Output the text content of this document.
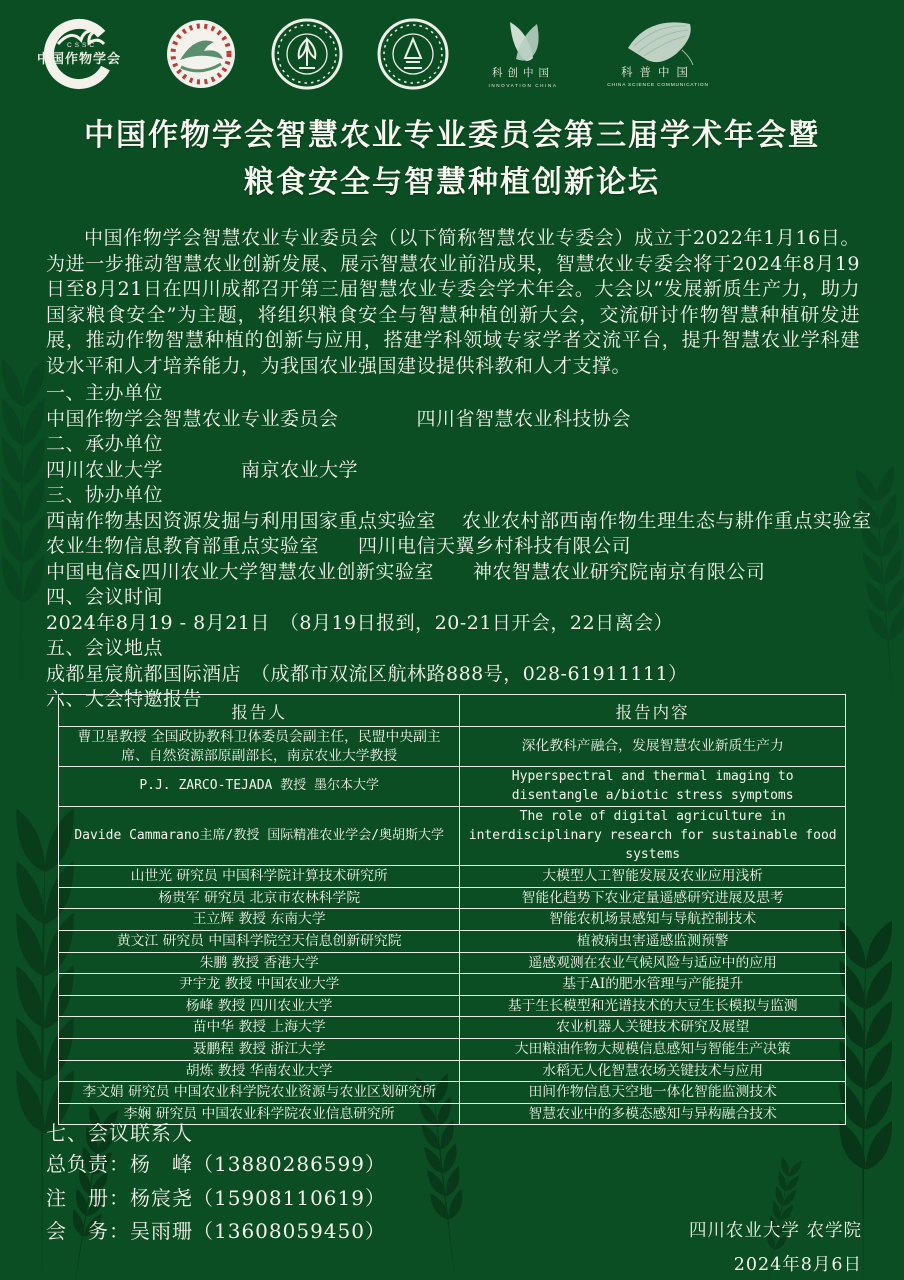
CSSC
中国作物学会
科创中国
INNOVATION CHINA
科普中国
CHINA SCIENCE COMMUNICATION
中国作物学会智慧农业专业委员会第三届学术年会暨
粮食安全与智慧种植创新论坛
中国作物学会智慧农业专业委员会（以下简称智慧农业专委会）成立于2022年1月16日。为进一步推动智慧农业创新发展、展示智慧农业前沿成果，智慧农业专委会将于2024年8月19日至8月21日在四川成都召开第三届智慧农业专委会学术年会。大会以“发展新质生产力，助力国家粮食安全”为主题，将组织粮食安全与智慧种植创新大会，交流研讨作物智慧种植研发进展，推动作物智慧种植的创新与应用，搭建学科领域专家学者交流平台，提升智慧农业学科建设水平和人才培养能力，为我国农业强国建设提供科教和人才支撑。
一、主办单位
中国作物学会智慧农业专业委员会　　　　四川省智慧农业科技协会
二、承办单位
四川农业大学　　　　南京农业大学
三、协办单位
西南作物基因资源发掘与利用国家重点实验室　 农业农村部西南作物生理生态与耕作重点实验室
农业生物信息教育部重点实验室　　四川电信天翼乡村科技有限公司
中国电信&四川农业大学智慧农业创新实验室　　神农智慧农业研究院南京有限公司
四、会议时间
2024年8月19 - 8月21日　（8月19日报到，20-21日开会，22日离会）
五、会议地点
成都星宸航都国际酒店　（成都市双流区航林路888号，028-61911111）
六、大会特邀报告
报告人	报告内容
曹卫星教授 全国政协教科卫体委员会副主任，民盟中央副主席、自然资源部原副部长，南京农业大学教授	深化教科产融合，发展智慧农业新质生产力
P.J. ZARCO-TEJADA 教授 墨尔本大学	Hyperspectral and thermal imaging to disentangle a/biotic stress symptoms
Davide Cammarano主席/教授 国际精准农业学会/奥胡斯大学	The role of digital agriculture in interdisciplinary research for sustainable food systems
山世光 研究员 中国科学院计算技术研究所	大模型人工智能发展及农业应用浅析
杨贵军 研究员 北京市农林科学院	智能化趋势下农业定量遥感研究进展及思考
王立辉 教授 东南大学	智能农机场景感知与导航控制技术
黄文江 研究员 中国科学院空天信息创新研究院	植被病虫害遥感监测预警
朱鹏 教授 香港大学	遥感观测在农业气候风险与适应中的应用
尹宇龙 教授 中国农业大学	基于AI的肥水管理与产能提升
杨峰 教授 四川农业大学	基于生长模型和光谱技术的大豆生长模拟与监测
苗中华 教授 上海大学	农业机器人关键技术研究及展望
聂鹏程 教授 浙江大学	大田粮油作物大规模信息感知与智能生产决策
胡炼 教授 华南农业大学	水稻无人化智慧农场关键技术与应用
李文娟 研究员 中国农业科学院农业资源与农业区划研究所	田间作物信息天空地一体化智能监测技术
李娴 研究员 中国农业科学院农业信息研究所	智慧农业中的多模态感知与异构融合技术
七、会议联系人
总负责：杨　峰（13880286599）
注　册：杨宸尧（15908110619）
会　务：吴雨珊（13608059450）	四川农业大学 农学院
2024年8月6日
